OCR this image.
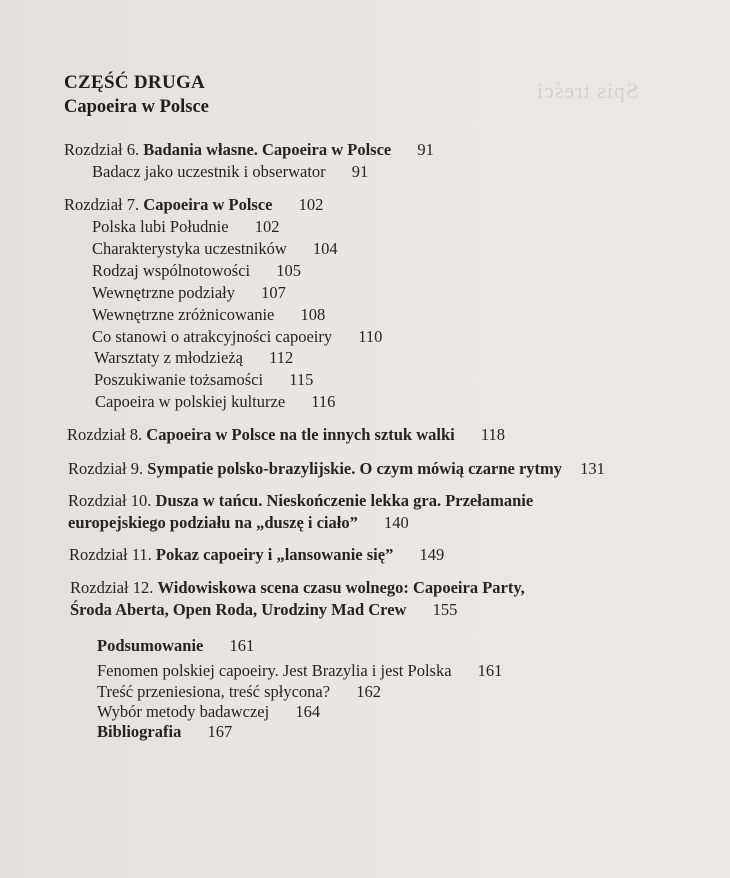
Spis treści
CZĘŚĆ DRUGA
Capoeira w Polsce
Rozdział 6. Badania własne. Capoeira w Polsce 91
Badacz jako uczestnik i obserwator 91
Rozdział 7. Capoeira w Polsce 102
Polska lubi Południe 102
Charakterystyka uczestników 104
Rodzaj wspólnotowości 105
Wewnętrzne podziały 107
Wewnętrzne zróżnicowanie 108
Co stanowi o atrakcyjności capoeiry 110
Warsztaty z młodzieżą 112
Poszukiwanie tożsamości 115
Capoeira w polskiej kulturze 116
Rozdział 8. Capoeira w Polsce na tle innych sztuk walki 118
Rozdział 9. Sympatie polsko-brazylijskie. O czym mówią czarne rytmy 131
Rozdział 10. Dusza w tańcu. Nieskończenie lekka gra. Przełamanie
europejskiego podziału na „duszę i ciało” 140
Rozdział 11. Pokaz capoeiry i „lansowanie się” 149
Rozdział 12. Widowiskowa scena czasu wolnego: Capoeira Party,
Środa Aberta, Open Roda, Urodziny Mad Crew 155
Podsumowanie 161
Fenomen polskiej capoeiry. Jest Brazylia i jest Polska 161
Treść przeniesiona, treść spłycona? 162
Wybór metody badawczej 164
Bibliografia 167
